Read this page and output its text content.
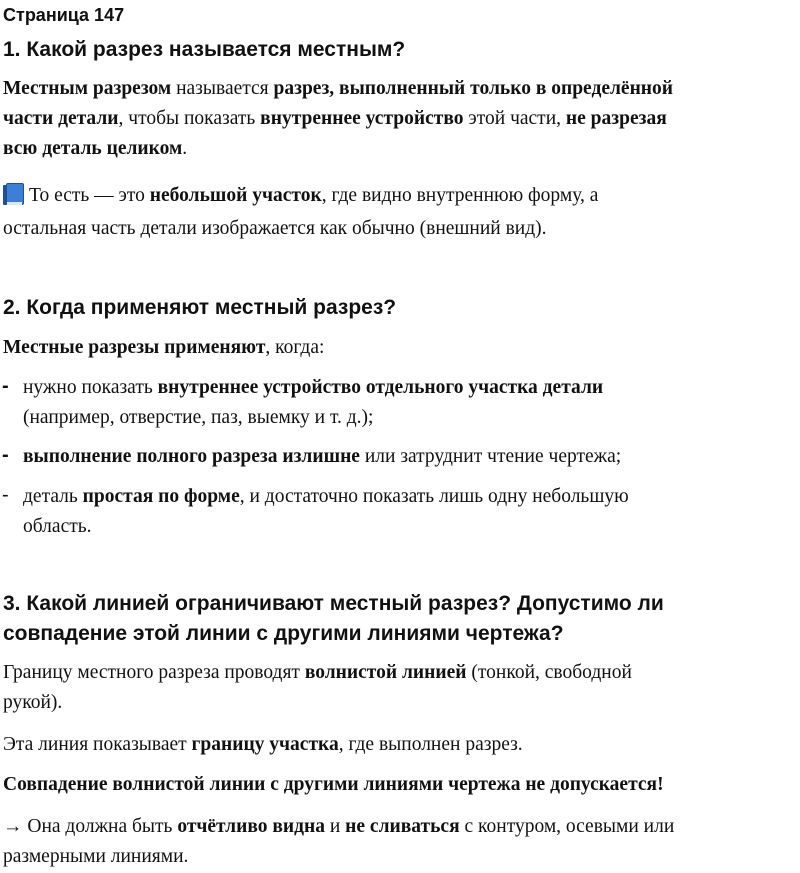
Страница 147
1. Какой разрез называется местным?
Местным разрезом называется разрез, выполненный только в определённой
части детали, чтобы показать внутреннее устройство этой части, не разрезая
всю деталь целиком.
То есть — это небольшой участок, где видно внутреннюю форму, а
остальная часть детали изображается как обычно (внешний вид).
2. Когда применяют местный разрез?
Местные разрезы применяют, когда:
- нужно показать внутреннее устройство отдельного участка детали
(например, отверстие, паз, выемку и т. д.);
- выполнение полного разреза излишне или затруднит чтение чертежа;
- деталь простая по форме, и достаточно показать лишь одну небольшую
область.
3. Какой линией ограничивают местный разрез? Допустимо ли
совпадение этой линии с другими линиями чертежа?
Границу местного разреза проводят волнистой линией (тонкой, свободной
рукой).
Эта линия показывает границу участка, где выполнен разрез.
Совпадение волнистой линии с другими линиями чертежа не допускается!
→ Она должна быть отчётливо видна и не сливаться с контуром, осевыми или
размерными линиями.
